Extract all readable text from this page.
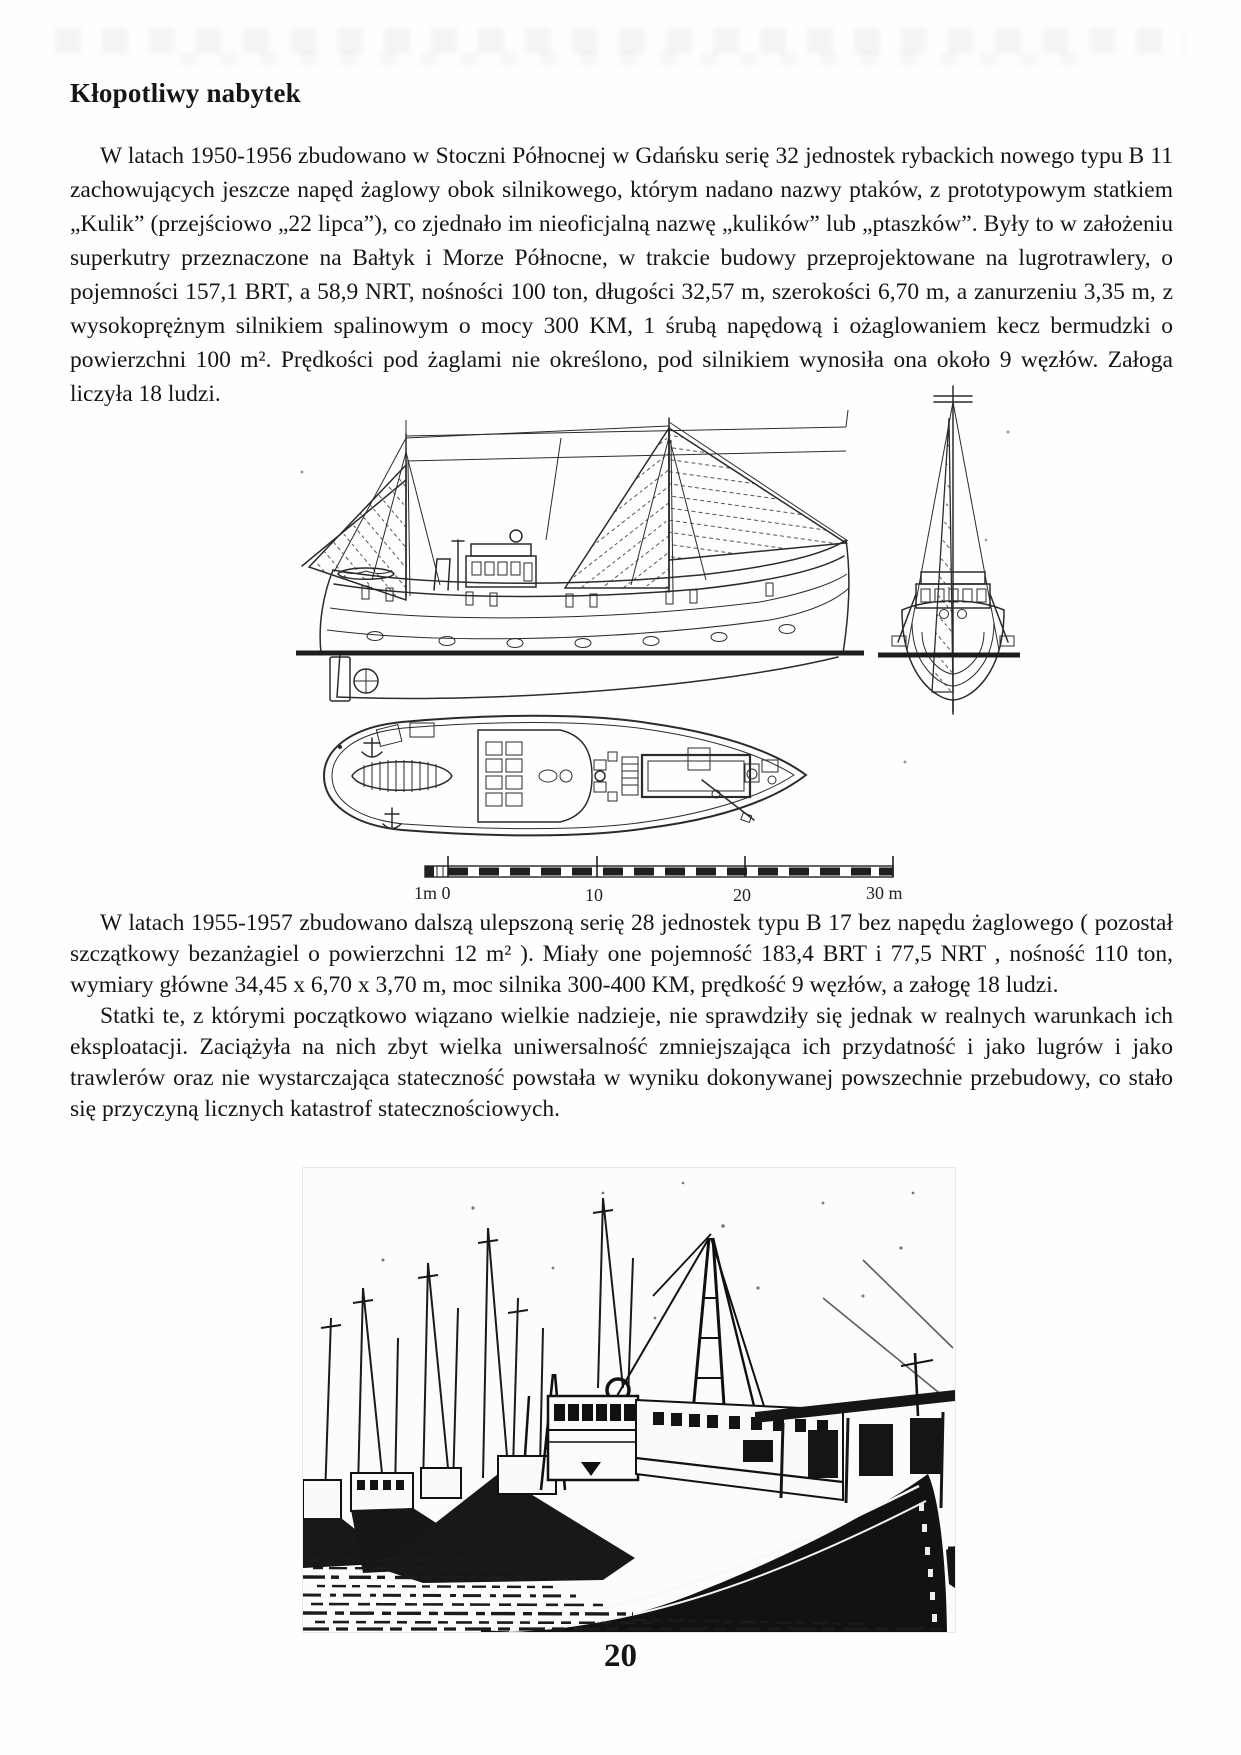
Kłopotliwy nabytek

W latach 1950-1956 zbudowano w Stoczni Północnej w Gdańsku serię 32 jednostek rybackich nowego typu B 11 zachowujących jeszcze napęd żaglowy obok silnikowego, którym nadano nazwy ptaków, z prototypowym statkiem „Kulik” (przejściowo „22 lipca”), co zjednało im nieoficjalną nazwę „kulików” lub „ptaszków”. Były to w założeniu superkutry przeznaczone na Bałtyk i Morze Północne, w trakcie budowy przeprojektowane na lugrotrawlery, o pojemności 157,1 BRT, a 58,9 NRT, nośności 100 ton, długości 32,57 m, szerokości 6,70 m, a zanurzeniu 3,35 m, z wysokoprężnym silnikiem spalinowym o mocy 300 KM, 1 śrubą napędową i ożaglowaniem kecz bermudzki o powierzchni 100 m². Prędkości pod żaglami nie określono, pod silnikiem wynosiła ona około 9 węzłów. Załoga liczyła 18 ludzi.

1m 0	10	20	30 m

W latach 1955-1957 zbudowano dalszą ulepszoną serię 28 jednostek typu B 17 bez napędu żaglowego ( pozostał szczątkowy bezanżagiel o powierzchni 12 m² ). Miały one pojemność 183,4 BRT i 77,5 NRT , nośność 110 ton, wymiary główne 34,45 x 6,70 x 3,70 m, moc silnika 300-400 KM, prędkość 9 węzłów, a załogę 18 ludzi.

Statki te, z którymi początkowo wiązano wielkie nadzieje, nie sprawdziły się jednak w realnych warunkach ich eksploatacji. Zaciążyła na nich zbyt wielka uniwersalność zmniejszająca ich przydatność i jako lugrów i jako trawlerów oraz nie wystarczająca stateczność powstała w wyniku dokonywanej powszechnie przebudowy, co stało się przyczyną licznych katastrof statecznościowych.

20
